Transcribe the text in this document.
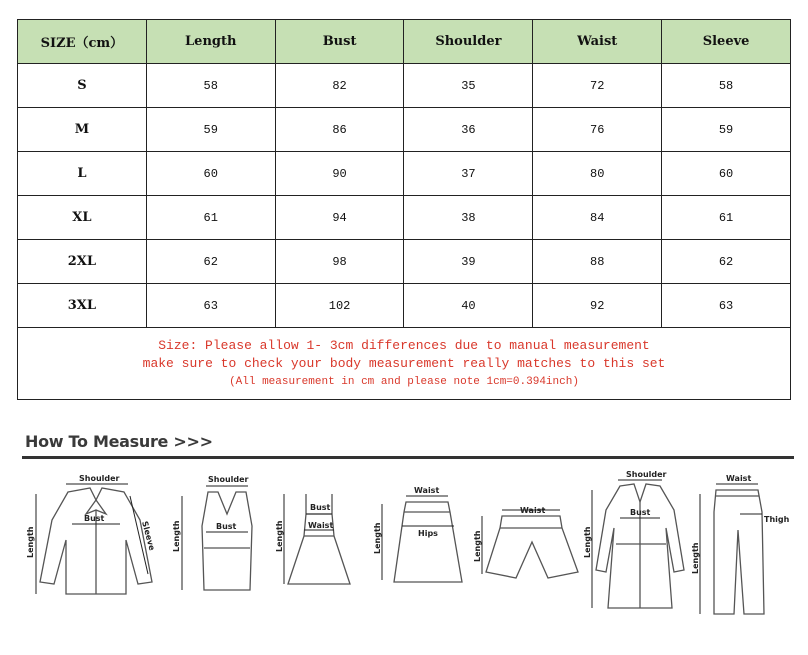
SIZE（cm）	Length	Bust	Shoulder	Waist	Sleeve
S	58	82	35	72	58
M	59	86	36	76	59
L	60	90	37	80	60
XL	61	94	38	84	61
2XL	62	98	39	88	62
3XL	63	102	40	92	63

Size: Please allow 1- 3cm differences due to manual measurement
make sure to check your body measurement really matches to this set
(All measurement in cm and please note 1cm=0.394inch)					
How To Measure >>>
Shoulder
Bust
Length	Sleeve
Shoulder
Bust
Length
Bust
Waist
Length
Waist
Hips
Length
Waist
Length
Shoulder
Bust
Length
Waist
Thigh
Length
